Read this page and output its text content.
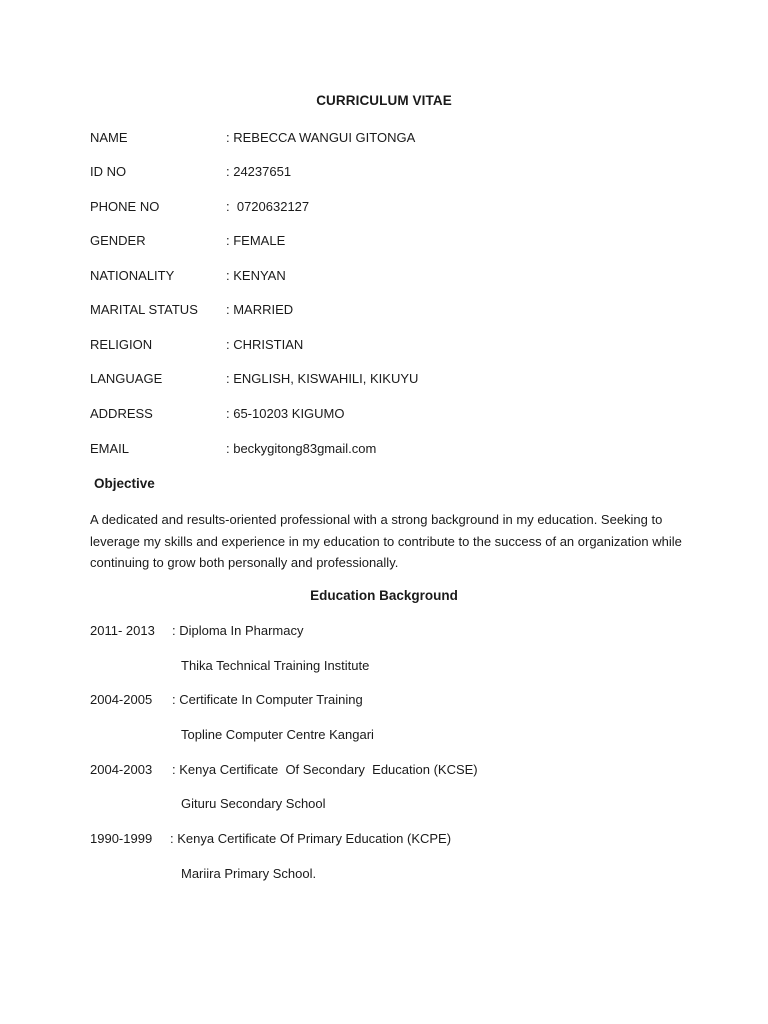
CURRICULUM VITAE
NAME	: REBECCA WANGUI GITONGA
ID NO	: 24237651
PHONE NO	:  0720632127
GENDER	: FEMALE
NATIONALITY	: KENYAN
MARITAL STATUS : MARRIED
RELIGION	: CHRISTIAN
LANGUAGE	: ENGLISH, KISWAHILI, KIKUYU
ADDRESS	: 65-10203 KIGUMO
EMAIL	: beckygitong83gmail.com
Objective
A dedicated and results-oriented professional with a strong background in my education. Seeking to leverage my skills and experience in my education to contribute to the success of an organization while continuing to grow both personally and professionally.
Education Background
2011- 2013 : Diploma In Pharmacy
Thika Technical Training Institute
2004-2005 : Certificate In Computer Training
Topline Computer Centre Kangari
2004-2003 : Kenya Certificate  Of Secondary  Education (KCSE)
Gituru Secondary School
1990-1999 : Kenya Certificate Of Primary Education (KCPE)
Mariira Primary School.
